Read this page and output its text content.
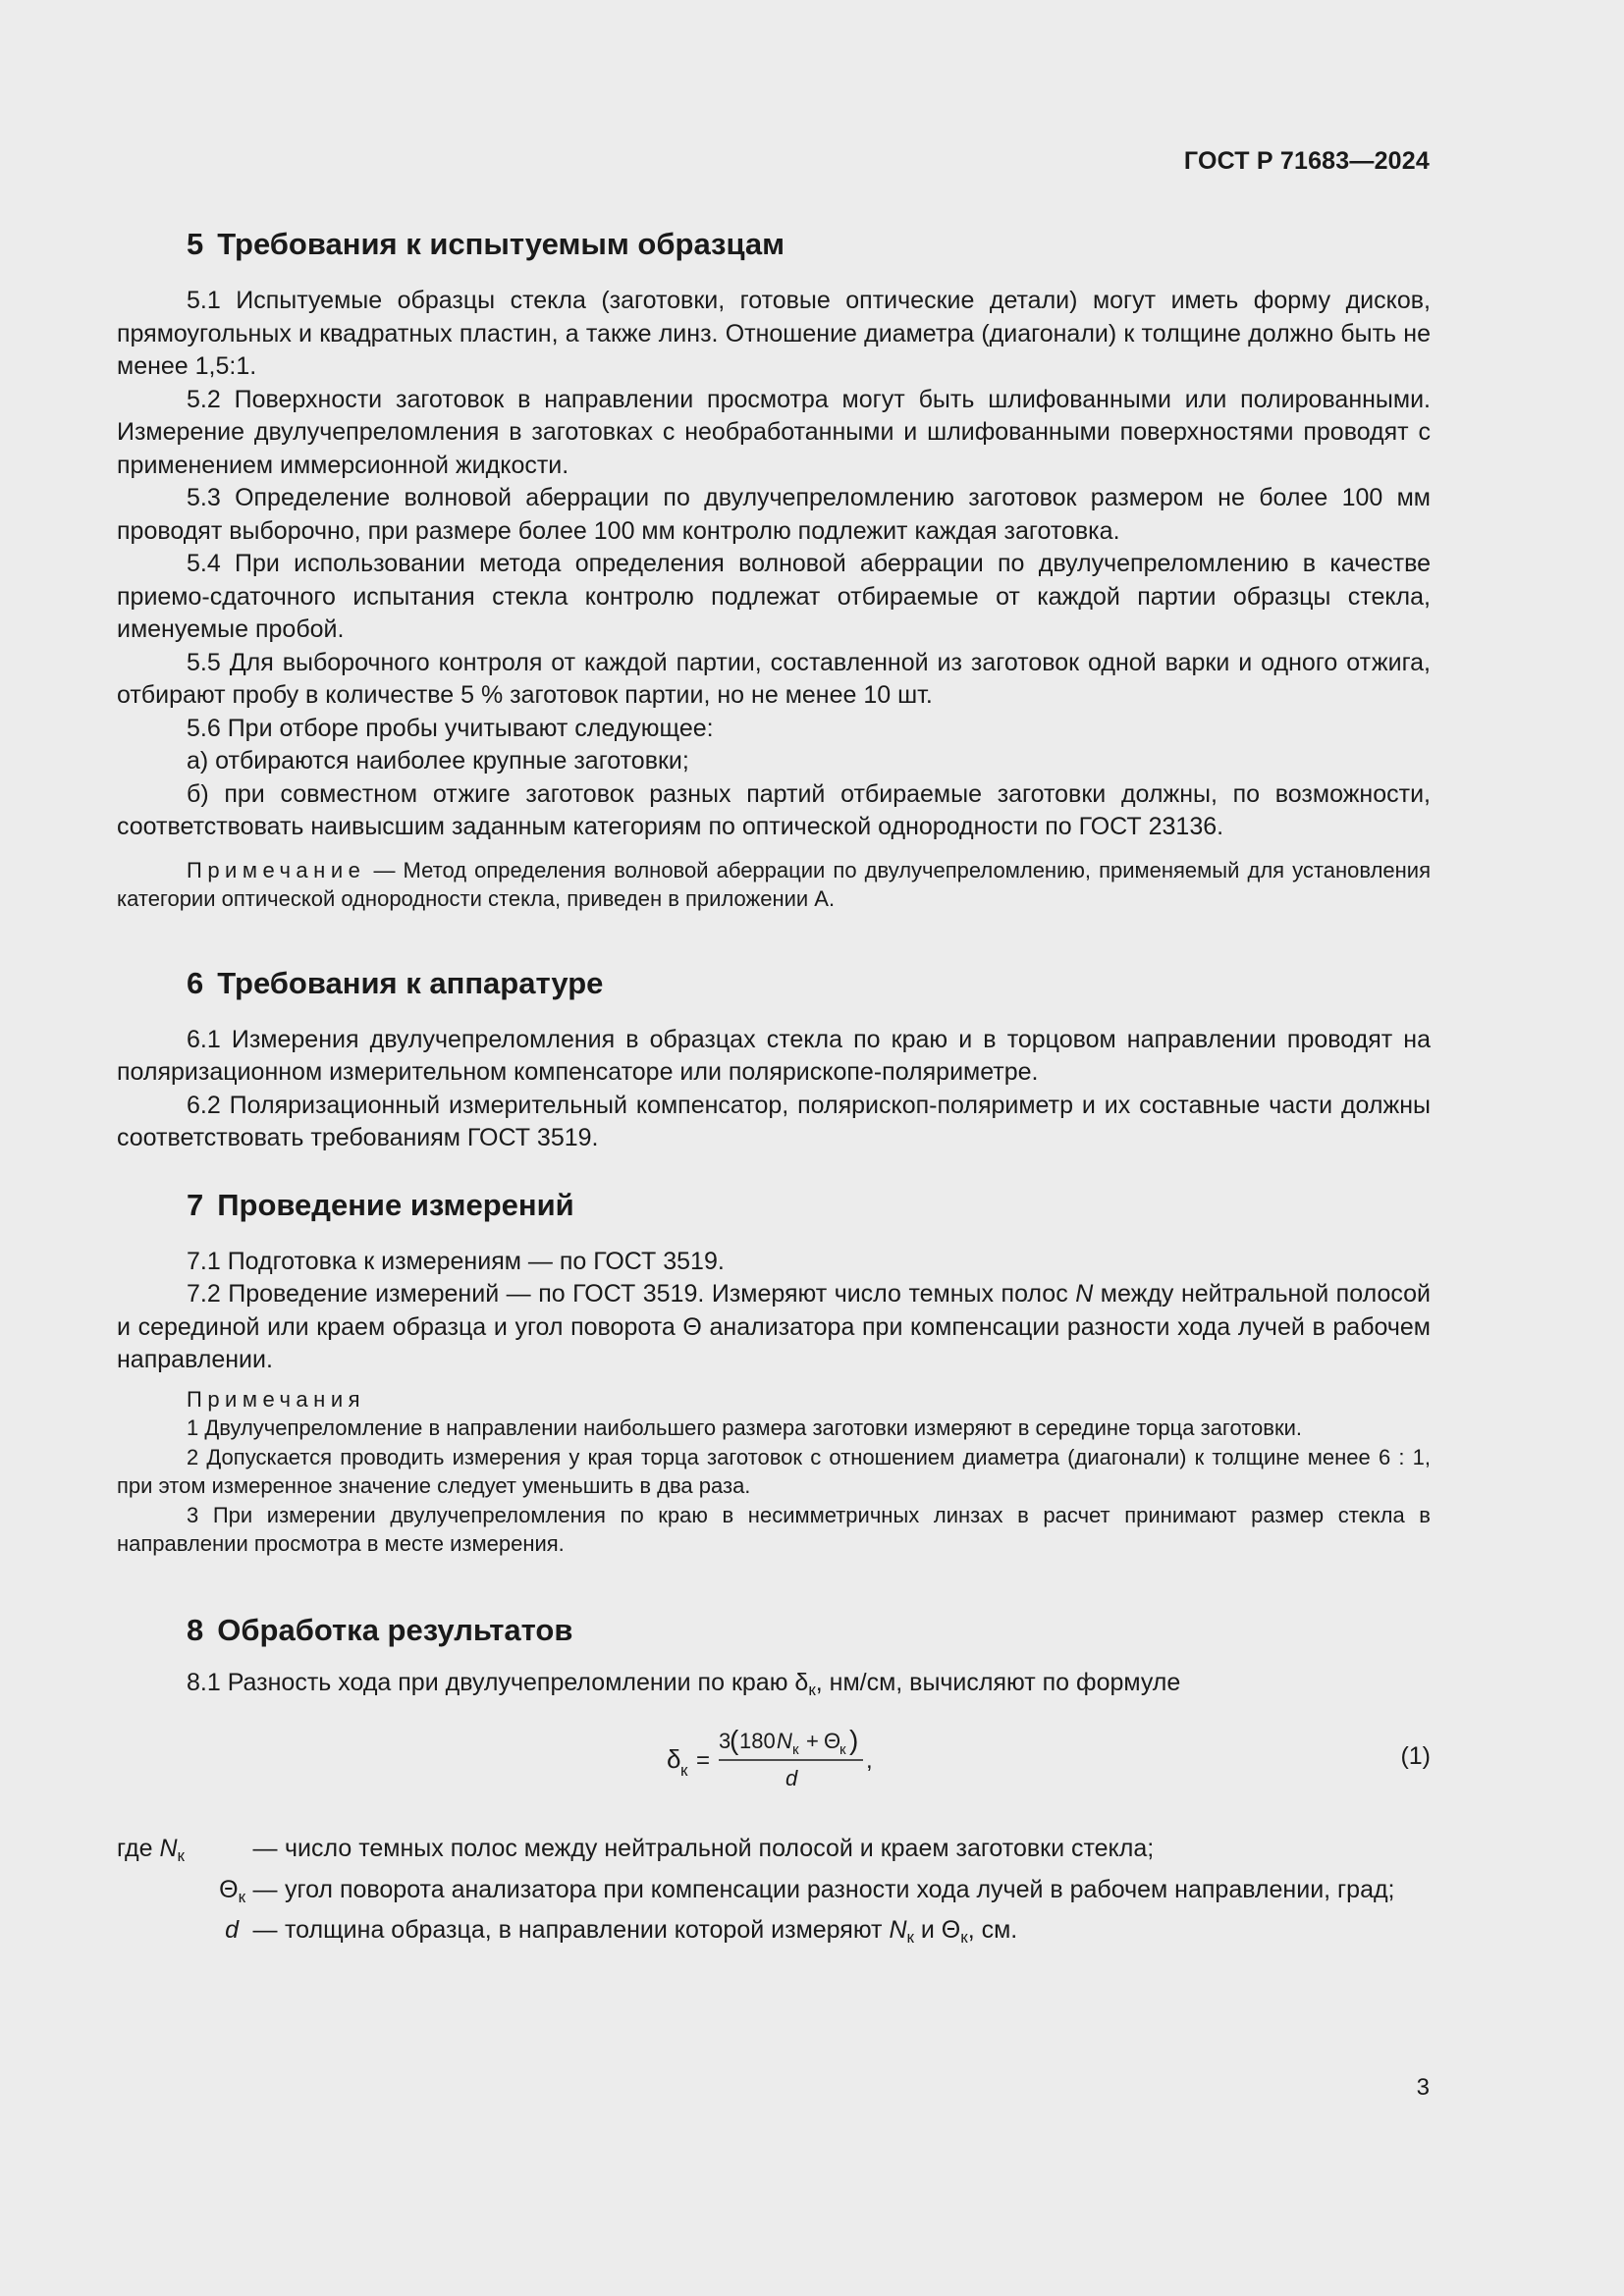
ГОСТ Р 71683—2024
5 Требования к испытуемым образцам

5.1 Испытуемые образцы стекла (заготовки, готовые оптические детали) могут иметь форму дисков, прямоугольных и квадратных пластин, а также линз. Отношение диаметра (диагонали) к толщине должно быть не менее 1,5:1.

5.2 Поверхности заготовок в направлении просмотра могут быть шлифованными или полированными. Измерение двулучепреломления в заготовках с необработанными и шлифованными поверхностями проводят с применением иммерсионной жидкости.

5.3 Определение волновой аберрации по двулучепреломлению заготовок размером не более 100 мм проводят выборочно, при размере более 100 мм контролю подлежит каждая заготовка.

5.4 При использовании метода определения волновой аберрации по двулучепреломлению в качестве приемо-сдаточного испытания стекла контролю подлежат отбираемые от каждой партии образцы стекла, именуемые пробой.

5.5 Для выборочного контроля от каждой партии, составленной из заготовок одной варки и одного отжига, отбирают пробу в количестве 5 % заготовок партии, но не менее 10 шт.

5.6 При отборе пробы учитывают следующее:

а) отбираются наиболее крупные заготовки;

б) при совместном отжиге заготовок разных партий отбираемые заготовки должны, по возможности, соответствовать наивысшим заданным категориям по оптической однородности по ГОСТ 23136.

Примечание — Метод определения волновой аберрации по двулучепреломлению, применяемый для установления категории оптической однородности стекла, приведен в приложении А.

6 Требования к аппаратуре

6.1 Измерения двулучепреломления в образцах стекла по краю и в торцовом направлении проводят на поляризационном измерительном компенсаторе или полярископе-поляриметре.

6.2 Поляризационный измерительный компенсатор, полярископ-поляриметр и их составные части должны соответствовать требованиям ГОСТ 3519.

7 Проведение измерений

7.1 Подготовка к измерениям — по ГОСТ 3519.

7.2 Проведение измерений — по ГОСТ 3519. Измеряют число темных полос N между нейтральной полосой и серединой или краем образца и угол поворота Θ анализатора при компенсации разности хода лучей в рабочем направлении.

Примечания

1 Двулучепреломление в направлении наибольшего размера заготовки измеряют в середине торца заготовки.

2 Допускается проводить измерения у края торца заготовок с отношением диаметра (диагонали) к толщине менее 6 : 1, при этом измеренное значение следует уменьшить в два раза.

3 При измерении двулучепреломления по краю в несимметричных линзах в расчет принимают размер стекла в направлении просмотра в месте измерения.

8 Обработка результатов

8.1 Разность хода при двулучепреломлении по краю $\delta_к$, нм/см, вычисляют по формуле

δ к =
3
( 180 N к + Θ
к )
d
,	(1)
где $N_к$	— число темных полос между нейтральной полосой и краем заготовки стекла;
$\Theta_к$ — угол поворота анализатора при компенсации разности хода лучей в рабочем направлении, град;
d — толщина образца, в направлении которой измеряют $N_к$ и $\Theta_к$, см.
3
